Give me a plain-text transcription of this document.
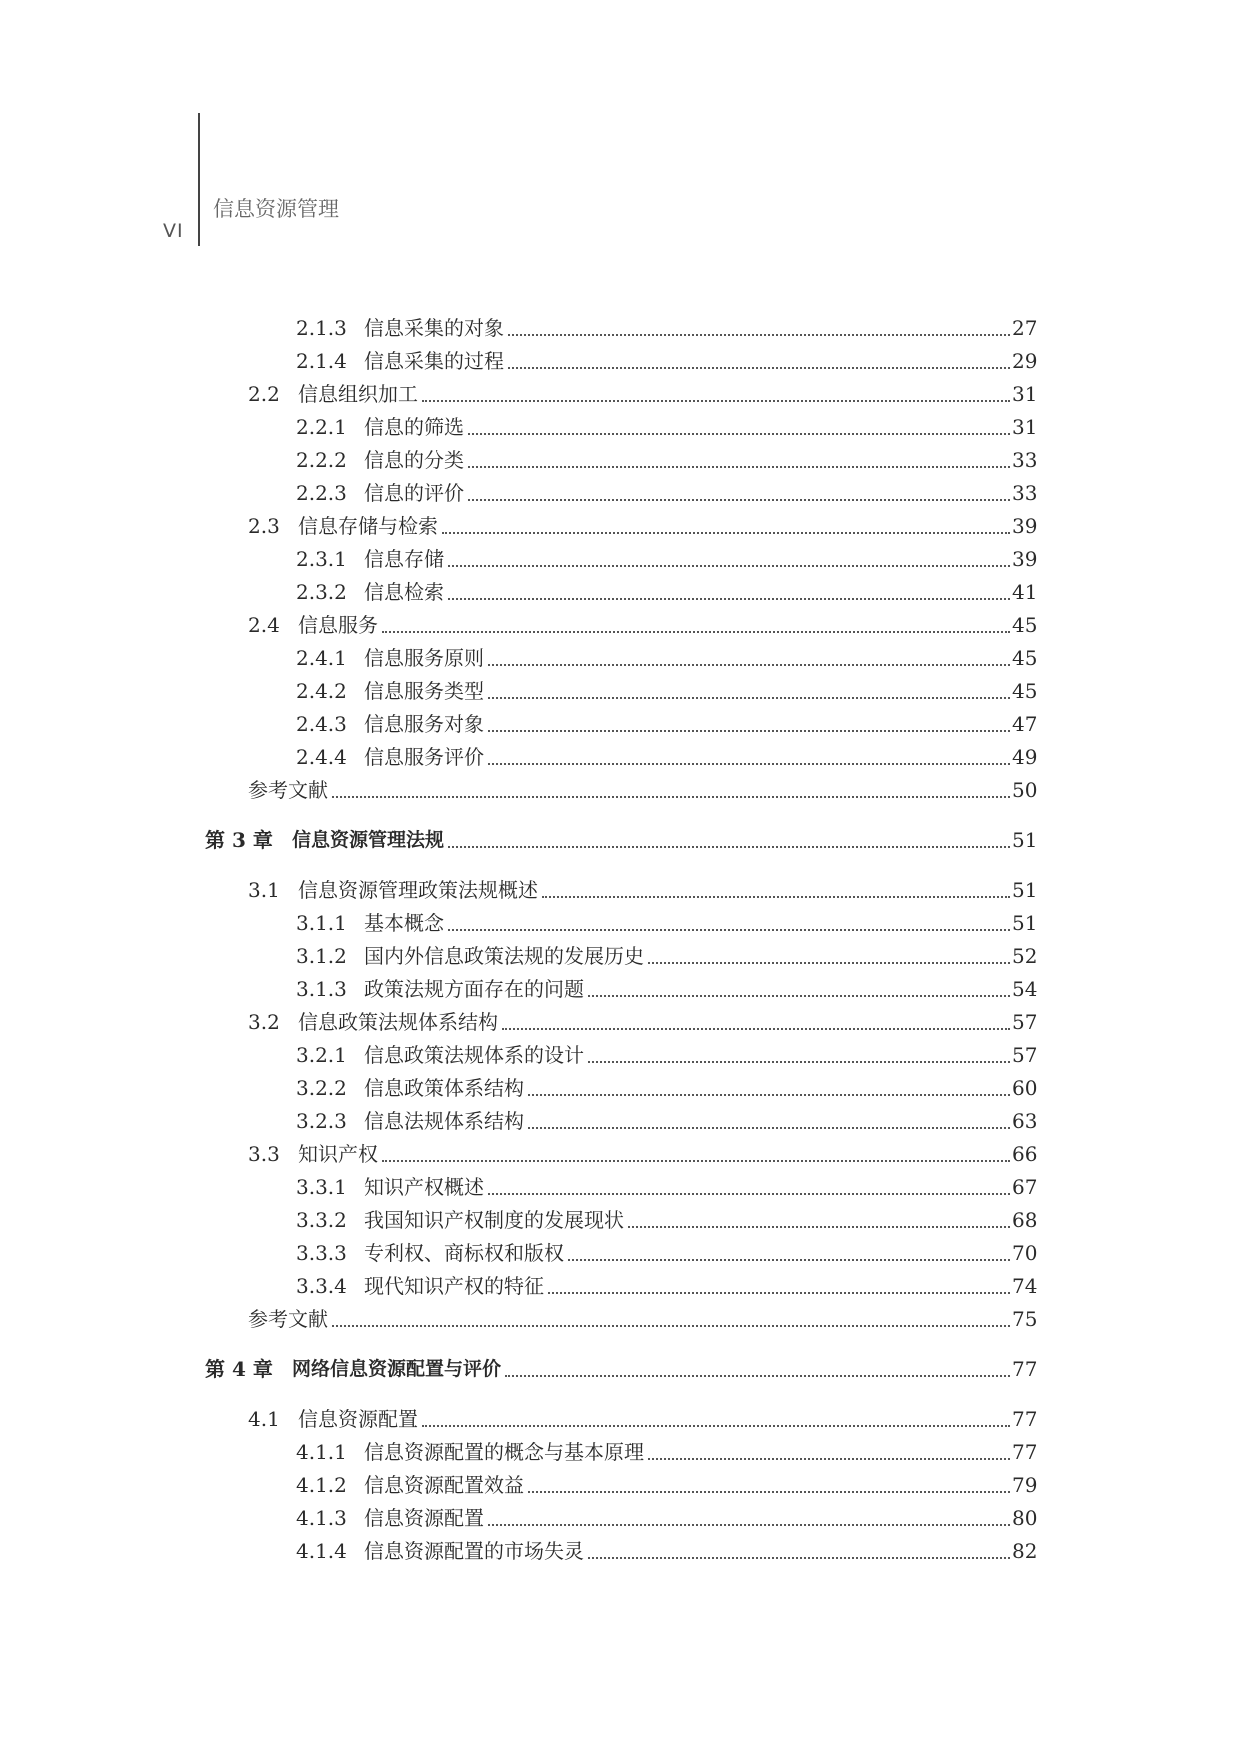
VI
信息资源管理
2.1.3 信息采集的对象	27
2.1.4 信息采集的过程	29
2.2 信息组织加工	31
2.2.1 信息的筛选	31
2.2.2 信息的分类	33
2.2.3 信息的评价	33
2.3 信息存储与检索	39
2.3.1 信息存储	39
2.3.2 信息检索	41
2.4 信息服务	45
2.4.1 信息服务原则	45
2.4.2 信息服务类型	45
2.4.3 信息服务对象	47
2.4.4 信息服务评价	49
参考文献	50
第 3 章	信息资源管理法规	51
3.1 信息资源管理政策法规概述	51
3.1.1 基本概念	51
3.1.2 国内外信息政策法规的发展历史	52
3.1.3 政策法规方面存在的问题	54
3.2 信息政策法规体系结构	57
3.2.1 信息政策法规体系的设计	57
3.2.2 信息政策体系结构	60
3.2.3 信息法规体系结构	63
3.3 知识产权	66
3.3.1 知识产权概述	67
3.3.2 我国知识产权制度的发展现状	68
3.3.3 专利权、商标权和版权	70
3.3.4 现代知识产权的特征	74
参考文献	75
第 4 章	网络信息资源配置与评价	77
4.1 信息资源配置	77
4.1.1 信息资源配置的概念与基本原理	77
4.1.2 信息资源配置效益	79
4.1.3 信息资源配置	80
4.1.4 信息资源配置的市场失灵	82
